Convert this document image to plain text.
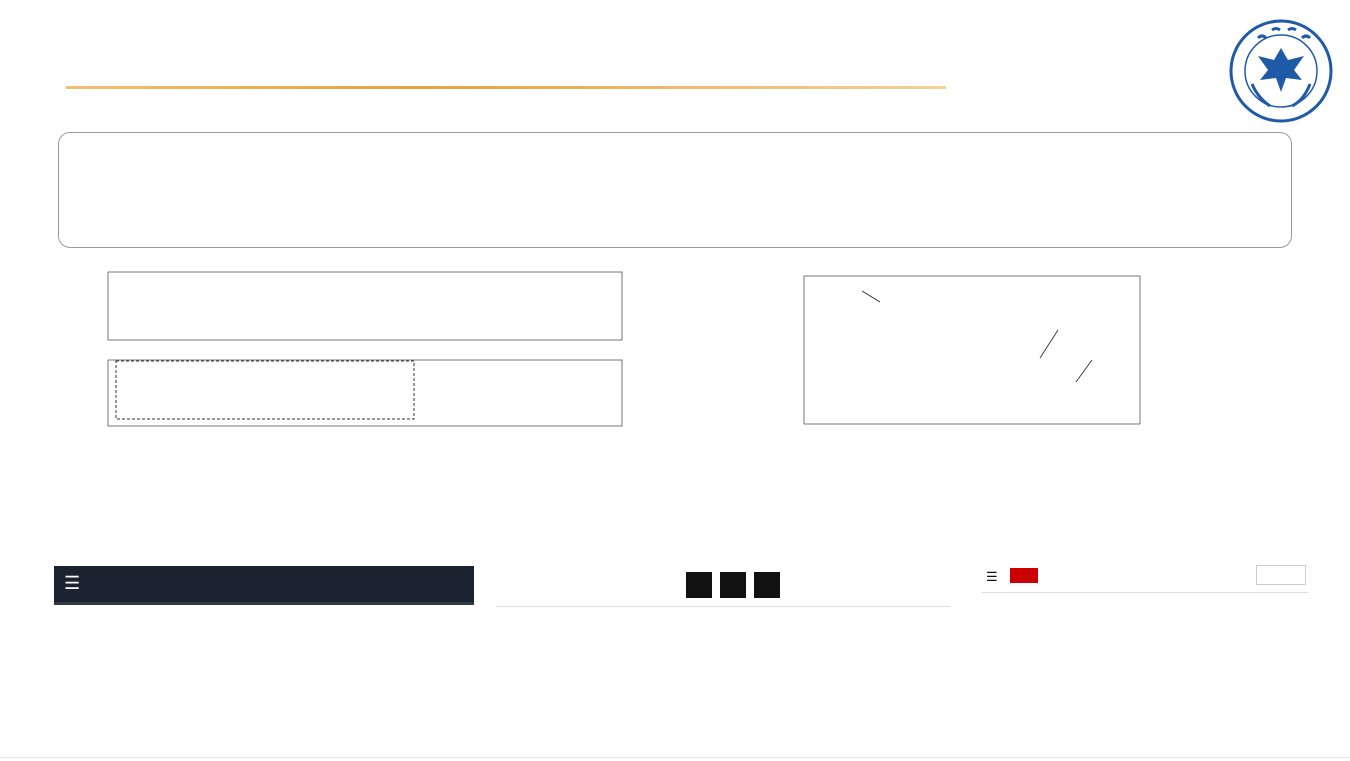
☰	☰
